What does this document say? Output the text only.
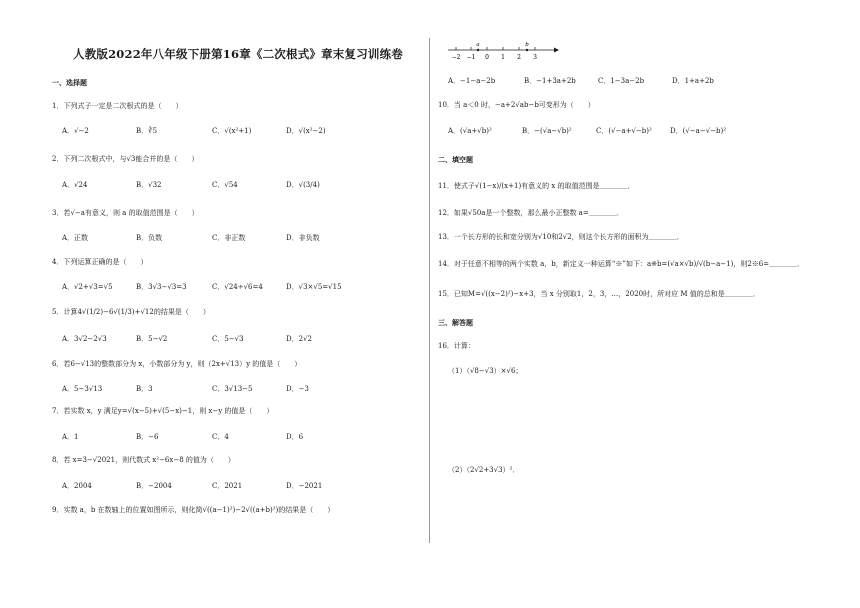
人教版2022年八年级下册第16章《二次根式》章末复习训练卷
一、选择题
1．下列式子一定是二次根式的是（　　）
A．√−2	B．∛5	C．√(x²+1)	D．√(x²−2)
2．下列二次根式中，与√3能合并的是（　　）
A．√24	B．√32	C．√54	D．√(3/4)
3．若√−a有意义，则 a 的取值范围是（　　）
A．正数	B．负数	C．非正数	D．非负数
4．下列运算正确的是（　　）
A．√2+√3=√5	B．3√3−√3=3	C．√24÷√6=4	D．√3×√5=√15
5．计算4√(1/2)−6√(1/3)+√12的结果是（　　）
A．3√2−2√3	B．5−√2	C．5−√3	D．2√2
6．若6−√13的整数部分为 x，小数部分为 y，则（2x+√13）y 的值是（　　）
A．5−3√13	B．3	C．3√13−5	D．−3
7．若实数 x，y 满足y=√(x−5)+√(5−x)−1，则 x−y 的值是（　　）
A．1	B．−6	C．4	D．6
8．若 x=3−√2021，则代数式 x²−6x−8 的值为（　　）
A．2004	B．−2004	C．2021	D．−2021
9．实数 a，b 在数轴上的位置如图所示，则化简√((a−1)²)−2√((a+b)²)的结果是（　　）
a	b
−2 −1 0 1 2 3
A．−1−a−2b	B．−1+3a+2b	C．1−3a−2b	D．1+a+2b
10．当 a＜0 时，−a+2√ab−b可变形为（　　）
A．(√a+√b)²	B．−(√a−√b)²	C．(√−a+√−b)²	D．(√−a−√−b)²
二、填空题
11．使式子√(1−x)/(x+1)有意义的 x 的取值范围是＿＿＿＿．
12．如果√50a是一个整数，那么最小正整数 a=＿＿＿＿．
13．一个长方形的长和宽分别为√10和2√2，则这个长方形的面积为＿＿＿＿．
14．对于任意不相等的两个实数 a，b，新定义一种运算“※”如下：a※b=(√a×√b)/√(b−a−1)，则2※6=＿＿＿＿．
15．已知M=√((x−2)²)−x+3，当 x 分别取1，2，3，…，2020时，所对应 M 值的总和是＿＿＿＿．
三、解答题
16．计算：
（1）（√8−√3）×√6；
（2）（2√2+3√3）²．
